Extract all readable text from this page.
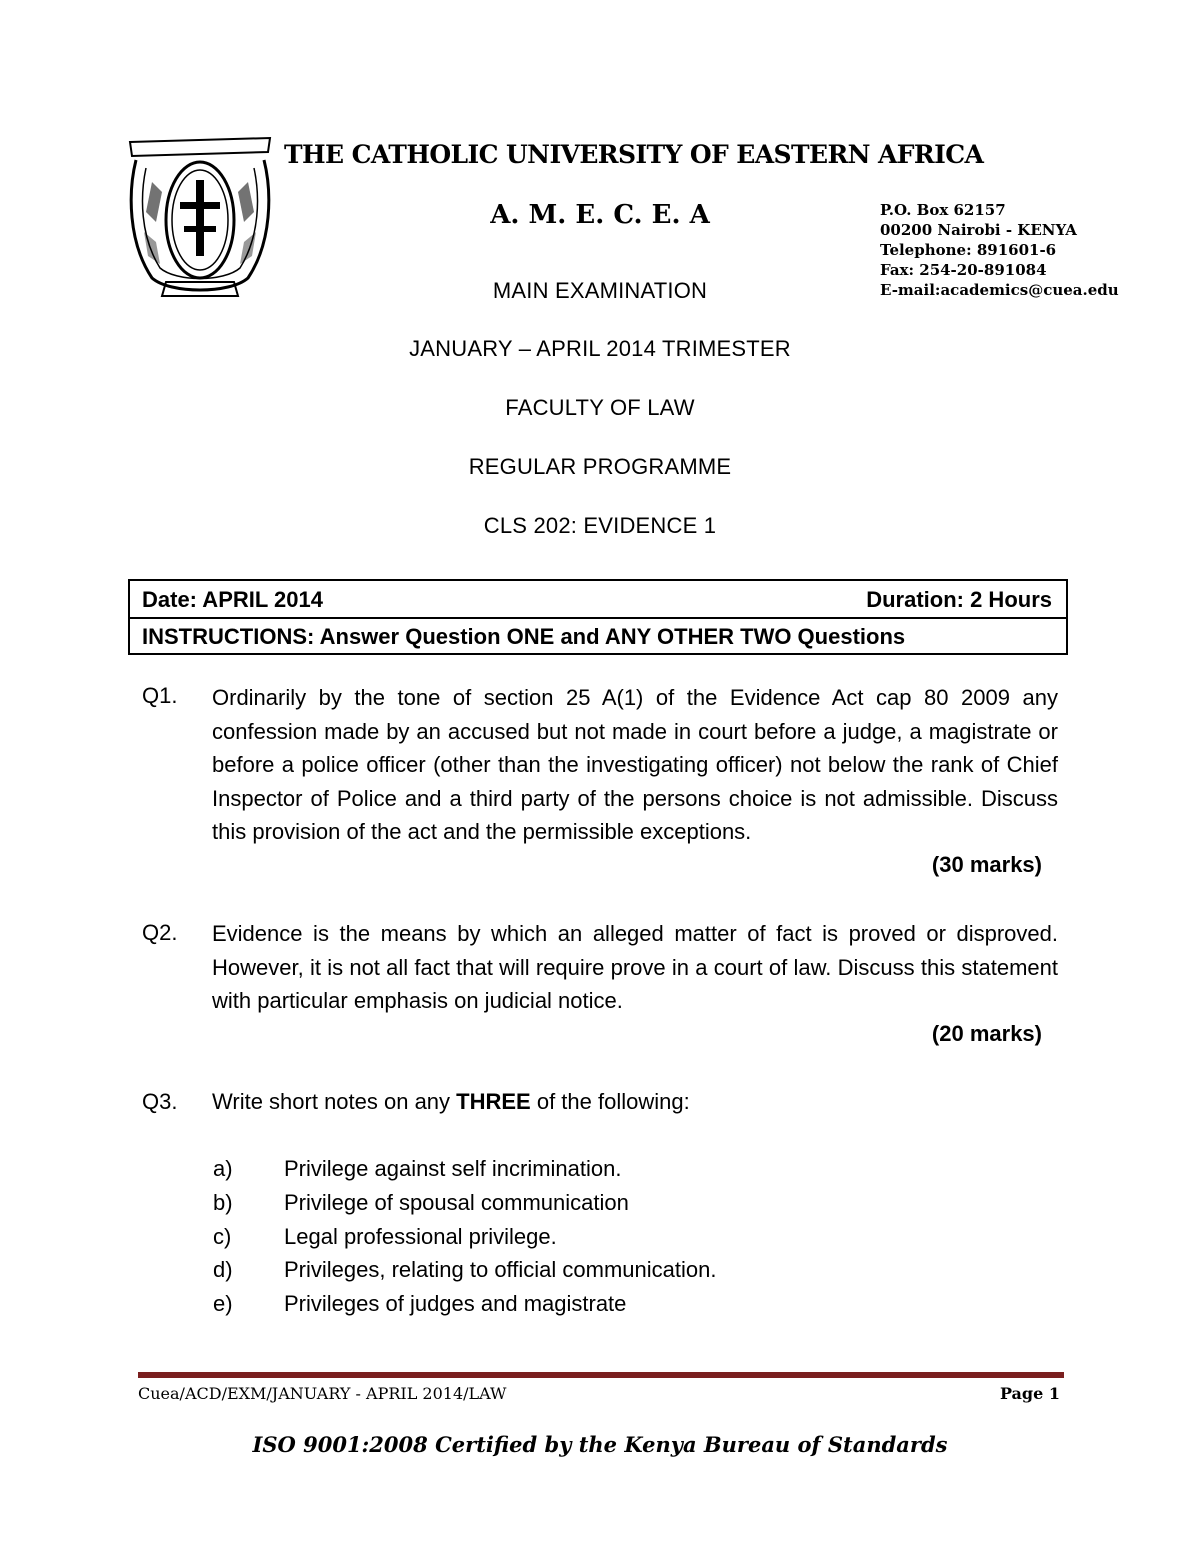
THE CATHOLIC UNIVERSITY OF EASTERN AFRICA
A. M. E. C. E. A	P.O. Box 62157
00200 Nairobi - KENYA
Telephone: 891601-6
Fax: 254-20-891084
E-mail:academics@cuea.edu
MAIN EXAMINATION
JANUARY – APRIL 2014 TRIMESTER
FACULTY OF LAW
REGULAR PROGRAMME
CLS 202: EVIDENCE 1
Date: APRIL 2014	Duration: 2 Hours
INSTRUCTIONS: Answer Question ONE and ANY OTHER TWO Questions
Q1. Ordinarily by the tone of section 25 A(1) of the Evidence Act cap 80 2009 any confession made by an accused but not made in court before a judge, a magistrate or before a police officer (other than the investigating officer) not below the rank of Chief Inspector of Police and a third party of the persons choice is not admissible. Discuss this provision of the act and the permissible exceptions.

(30 marks)
Q2. Evidence is the means by which an alleged matter of fact is proved or disproved. However, it is not all fact that will require prove in a court of law. Discuss this statement with particular emphasis on judicial notice.

(20 marks)
Q3. Write short notes on any THREE of the following:
a) Privilege against self incrimination.
b) Privilege of spousal communication
c) Legal professional privilege.
d) Privileges, relating to official communication.
e) Privileges of judges and magistrate
Cuea/ACD/EXM/JANUARY - APRIL 2014/LAW	Page 1
ISO 9001:2008 Certified by the Kenya Bureau of Standards
